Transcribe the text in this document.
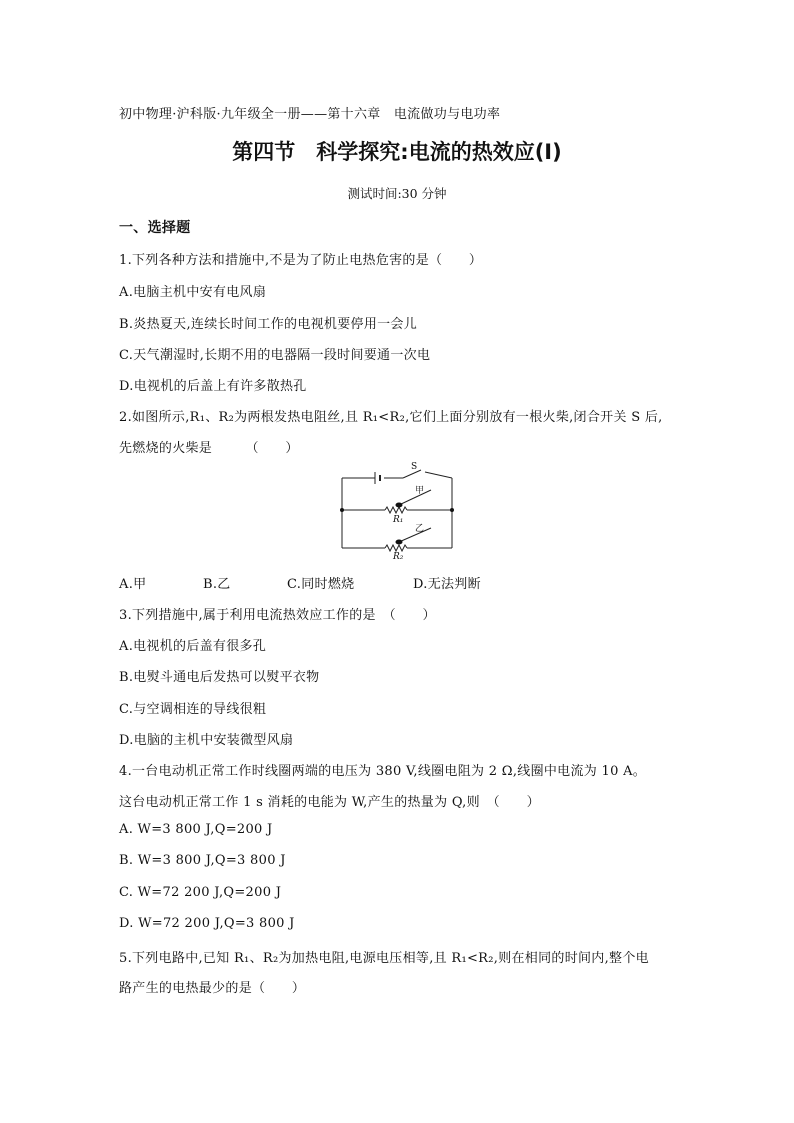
初中物理·沪科版·九年级全一册——第十六章　电流做功与电功率
第四节　科学探究:电流的热效应(Ⅰ)
测试时间:30 分钟
一、选择题
1.下列各种方法和措施中,不是为了防止电热危害的是（　　）
A.电脑主机中安有电风扇
B.炎热夏天,连续长时间工作的电视机要停用一会儿
C.天气潮湿时,长期不用的电器隔一段时间要通一次电
D.电视机的后盖上有许多散热孔
2.如图所示,R₁、R₂为两根发热电阻丝,且 R₁<R₂,它们上面分别放有一根火柴,闭合开关 S 后,
先燃烧的火柴是　　　（　　）
S
甲
乙
R₁
R₂
A.甲	B.乙	C.同时燃烧	D.无法判断
3.下列措施中,属于利用电流热效应工作的是　（　　）
A.电视机的后盖有很多孔
B.电熨斗通电后发热可以熨平衣物
C.与空调相连的导线很粗
D.电脑的主机中安装微型风扇
4.一台电动机正常工作时线圈两端的电压为 380 V,线圈电阻为 2 Ω,线圈中电流为 10 A。
这台电动机正常工作 1 s 消耗的电能为 W,产生的热量为 Q,则　（　　）
A. W=3 800 J,Q=200 J
B. W=3 800 J,Q=3 800 J
C. W=72 200 J,Q=200 J
D. W=72 200 J,Q=3 800 J
5.下列电路中,已知 R₁、R₂为加热电阻,电源电压相等,且 R₁<R₂,则在相同的时间内,整个电
路产生的电热最少的是（　　）
